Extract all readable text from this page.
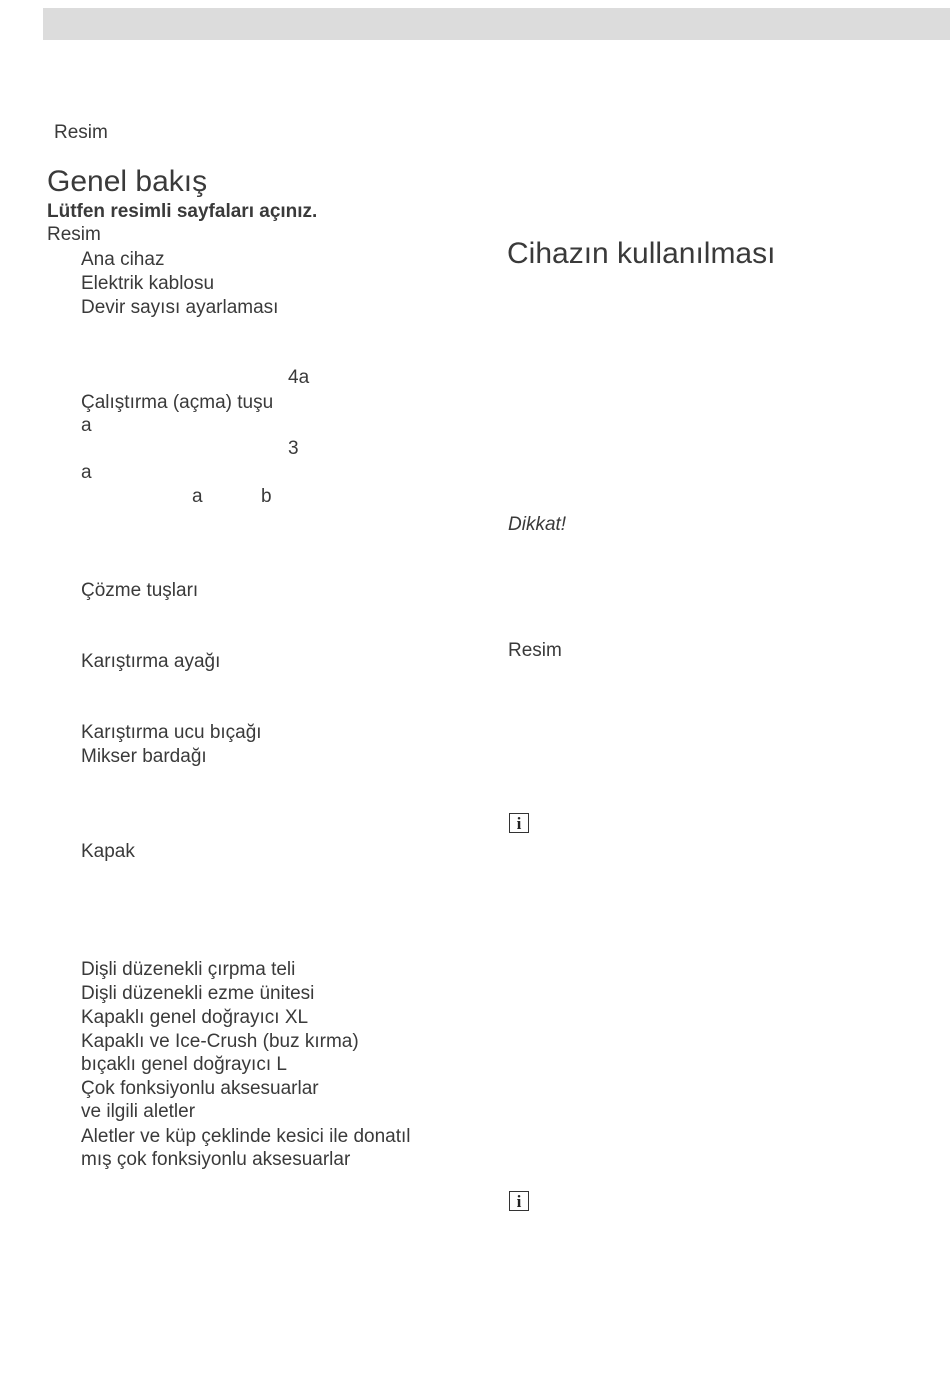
Resim
Genel bakış
Lütfen resimli sayfaları açınız.
Resim
Ana cihaz
Elektrik kablosu
Devir sayısı ayarlaması
4a
Çalıştırma (açma) tuşu
a
3
a
a	b
Çözme tuşları
Karıştırma ayağı
Karıştırma ucu bıçağı
Mikser bardağı
Kapak
Dişli düzenekli çırpma teli
Dişli düzenekli ezme ünitesi
Kapaklı genel doğrayıcı XL
Kapaklı ve Ice-Crush (buz kırma)
bıçaklı genel doğrayıcı L
Çok fonksiyonlu aksesuarlar
ve ilgili aletler
Aletler ve küp çeklinde kesici ile donatıl
mış çok fonksiyonlu aksesuarlar
Cihazın kullanılması
Dikkat!
Resim
i
i
